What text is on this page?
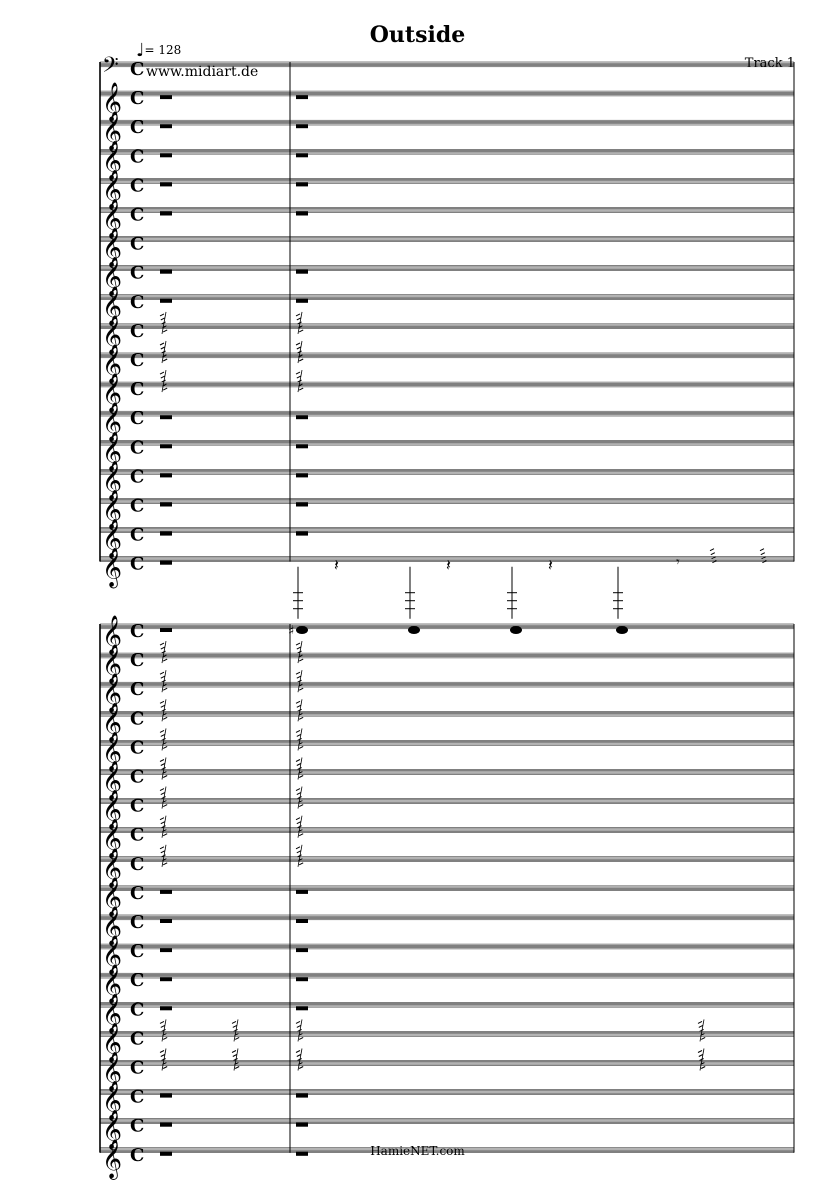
Outside
♩= 128
www.midiart.de
Track 1
𝄢 C
𝄞 C
𝄞 C
𝄞 C
𝄞 C
𝄞 C
𝄞 C
𝄞 C
𝄞 C
𝄞 C
𝄞 C
𝄞 C
𝄞 C
𝄞 C
𝄞 C
𝄞 C
𝄞 C
𝄞 C	𝄽	𝄽	𝄽	𝄾
𝄞 C	♯
𝄞 C
𝄞 C
𝄞 C
𝄞 C
𝄞 C
𝄞 C
𝄞 C
𝄞 C
𝄞 C
𝄞 C
𝄞 C
𝄞 C
𝄞 C
𝄞 C
𝄞 C
𝄞 C
𝄞 C
𝄞 C	HamieNET.com
